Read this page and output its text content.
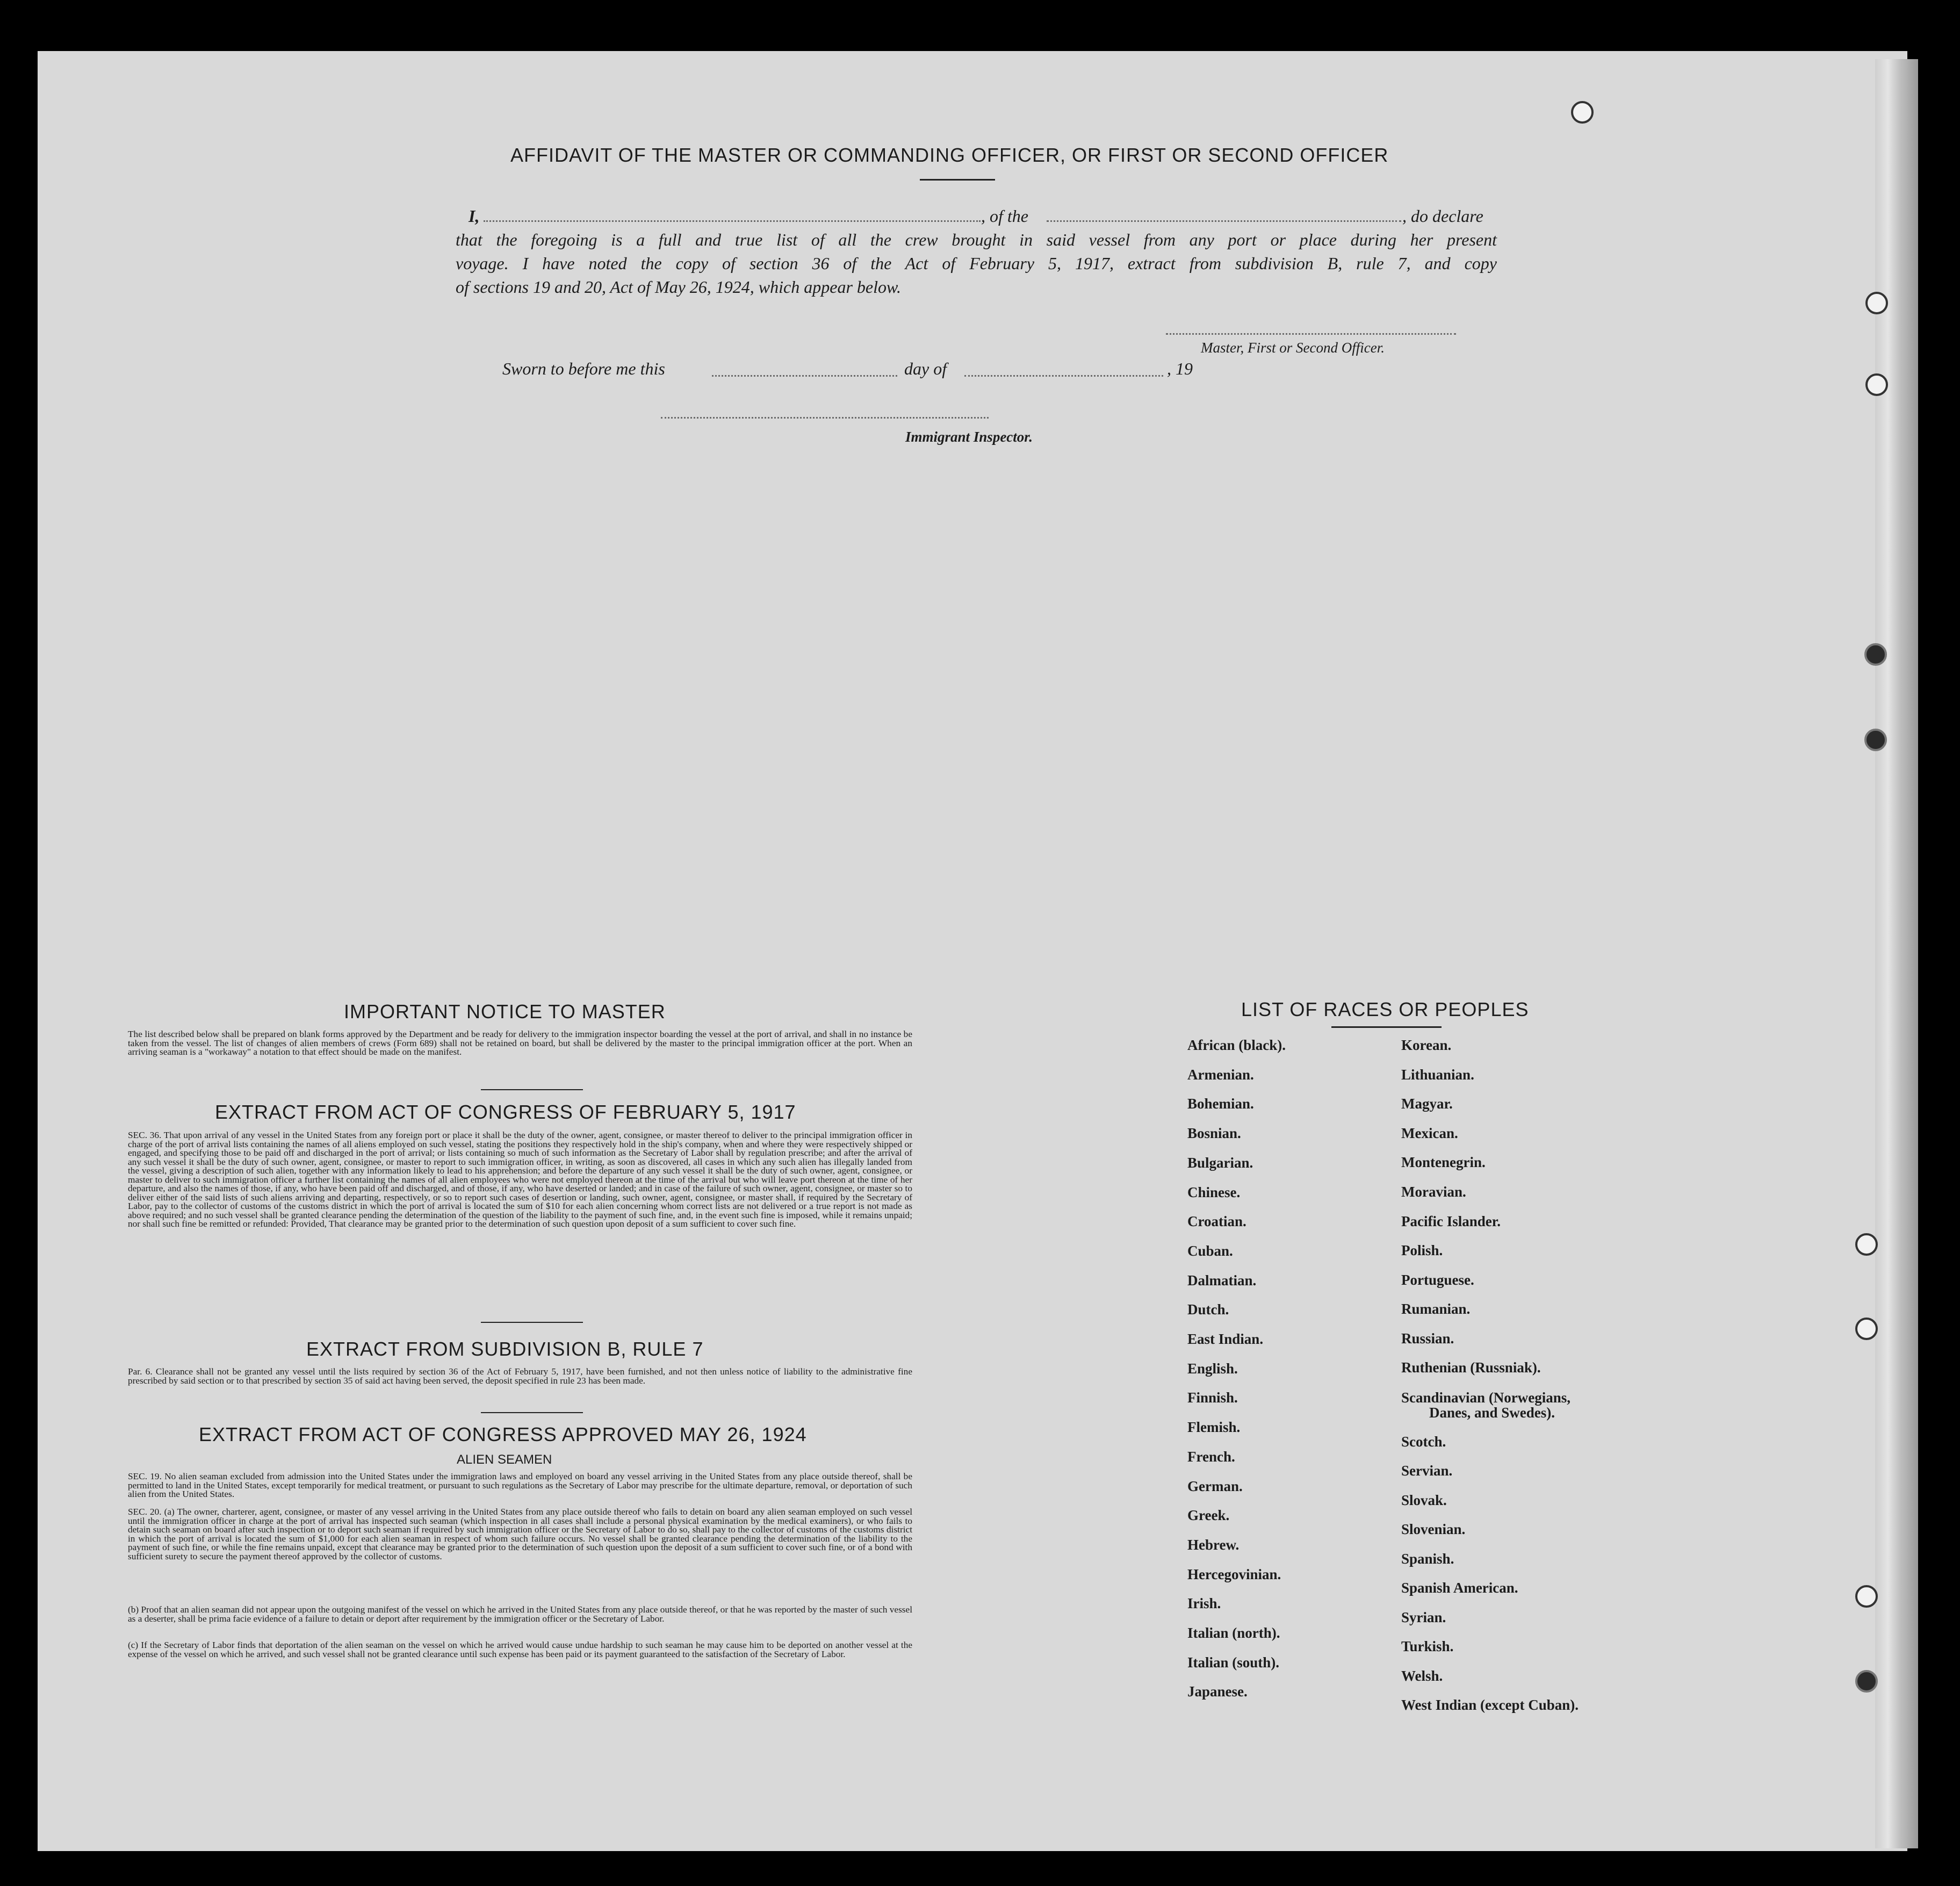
AFFIDAVIT OF THE MASTER OR COMMANDING OFFICER, OR FIRST OR SECOND OFFICER
I,	, of the	, do declare
that the foregoing is a full and true list of all the crew brought in said vessel from any port or place during her present
voyage. I have noted the copy of section 36 of the Act of February 5, 1917, extract from subdivision B, rule 7, and copy
of sections 19 and 20, Act of May 26, 1924, which appear below.
Master, First or Second Officer.
Sworn to before me this	day of	, 19
Immigrant Inspector.
IMPORTANT NOTICE TO MASTER
The list described below shall be prepared on blank forms approved by the Department and be ready for delivery to the immigration inspector boarding the vessel at the port of arrival, and shall in no instance be taken from the vessel. The list of changes of alien members of crews (Form 689) shall not be retained on board, but shall be delivered by the master to the principal immigration officer at the port. When an arriving seaman is a "workaway" a notation to that effect should be made on the manifest.
EXTRACT FROM ACT OF CONGRESS OF FEBRUARY 5, 1917
SEC. 36. That upon arrival of any vessel in the United States from any foreign port or place it shall be the duty of the owner, agent, consignee, or master thereof to deliver to the principal immigration officer in charge of the port of arrival lists containing the names of all aliens employed on such vessel, stating the positions they respectively hold in the ship's company, when and where they were respectively shipped or engaged, and specifying those to be paid off and discharged in the port of arrival; or lists containing so much of such information as the Secretary of Labor shall by regulation prescribe; and after the arrival of any such vessel it shall be the duty of such owner, agent, consignee, or master to report to such immigration officer, in writing, as soon as discovered, all cases in which any such alien has illegally landed from the vessel, giving a description of such alien, together with any information likely to lead to his apprehension; and before the departure of any such vessel it shall be the duty of such owner, agent, consignee, or master to deliver to such immigration officer a further list containing the names of all alien employees who were not employed thereon at the time of the arrival but who will leave port thereon at the time of her departure, and also the names of those, if any, who have been paid off and discharged, and of those, if any, who have deserted or landed; and in case of the failure of such owner, agent, consignee, or master so to deliver either of the said lists of such aliens arriving and departing, respectively, or so to report such cases of desertion or landing, such owner, agent, consignee, or master shall, if required by the Secretary of Labor, pay to the collector of customs of the customs district in which the port of arrival is located the sum of $10 for each alien concerning whom correct lists are not delivered or a true report is not made as above required; and no such vessel shall be granted clearance pending the determination of the question of the liability to the payment of such fine, and, in the event such fine is imposed, while it remains unpaid; nor shall such fine be remitted or refunded: Provided, That clearance may be granted prior to the determination of such question upon deposit of a sum sufficient to cover such fine.
EXTRACT FROM SUBDIVISION B, RULE 7
Par. 6. Clearance shall not be granted any vessel until the lists required by section 36 of the Act of February 5, 1917, have been furnished, and not then unless notice of liability to the administrative fine prescribed by said section or to that prescribed by section 35 of said act having been served, the deposit specified in rule 23 has been made.
EXTRACT FROM ACT OF CONGRESS APPROVED MAY 26, 1924
ALIEN SEAMEN
SEC. 19. No alien seaman excluded from admission into the United States under the immigration laws and employed on board any vessel arriving in the United States from any place outside thereof, shall be permitted to land in the United States, except temporarily for medical treatment, or pursuant to such regulations as the Secretary of Labor may prescribe for the ultimate departure, removal, or deportation of such alien from the United States.
SEC. 20. (a) The owner, charterer, agent, consignee, or master of any vessel arriving in the United States from any place outside thereof who fails to detain on board any alien seaman employed on such vessel until the immigration officer in charge at the port of arrival has inspected such seaman (which inspection in all cases shall include a personal physical examination by the medical examiners), or who fails to detain such seaman on board after such inspection or to deport such seaman if required by such immigration officer or the Secretary of Labor to do so, shall pay to the collector of customs of the customs district in which the port of arrival is located the sum of $1,000 for each alien seaman in respect of whom such failure occurs. No vessel shall be granted clearance pending the determination of the liability to the payment of such fine, or while the fine remains unpaid, except that clearance may be granted prior to the determination of such question upon the deposit of a sum sufficient to cover such fine, or of a bond with sufficient surety to secure the payment thereof approved by the collector of customs.
(b) Proof that an alien seaman did not appear upon the outgoing manifest of the vessel on which he arrived in the United States from any place outside thereof, or that he was reported by the master of such vessel as a deserter, shall be prima facie evidence of a failure to detain or deport after requirement by the immigration officer or the Secretary of Labor.
(c) If the Secretary of Labor finds that deportation of the alien seaman on the vessel on which he arrived would cause undue hardship to such seaman he may cause him to be deported on another vessel at the expense of the vessel on which he arrived, and such vessel shall not be granted clearance until such expense has been paid or its payment guaranteed to the satisfaction of the Secretary of Labor.
LIST OF RACES OR PEOPLES
African (black).
Armenian.
Bohemian.
Bosnian.
Bulgarian.
Chinese.
Croatian.
Cuban.
Dalmatian.
Dutch.
East Indian.
English.
Finnish.
Flemish.
French.
German.
Greek.
Hebrew.
Hercegovinian.
Irish.
Italian (north).
Italian (south).
Japanese.
Korean.
Lithuanian.
Magyar.
Mexican.
Montenegrin.
Moravian.
Pacific Islander.
Polish.
Portuguese.
Rumanian.
Russian.
Ruthenian (Russniak).
Scandinavian (Norwegians,
Danes, and Swedes).
Scotch.
Servian.
Slovak.
Slovenian.
Spanish.
Spanish American.
Syrian.
Turkish.
Welsh.
West Indian (except Cuban).
